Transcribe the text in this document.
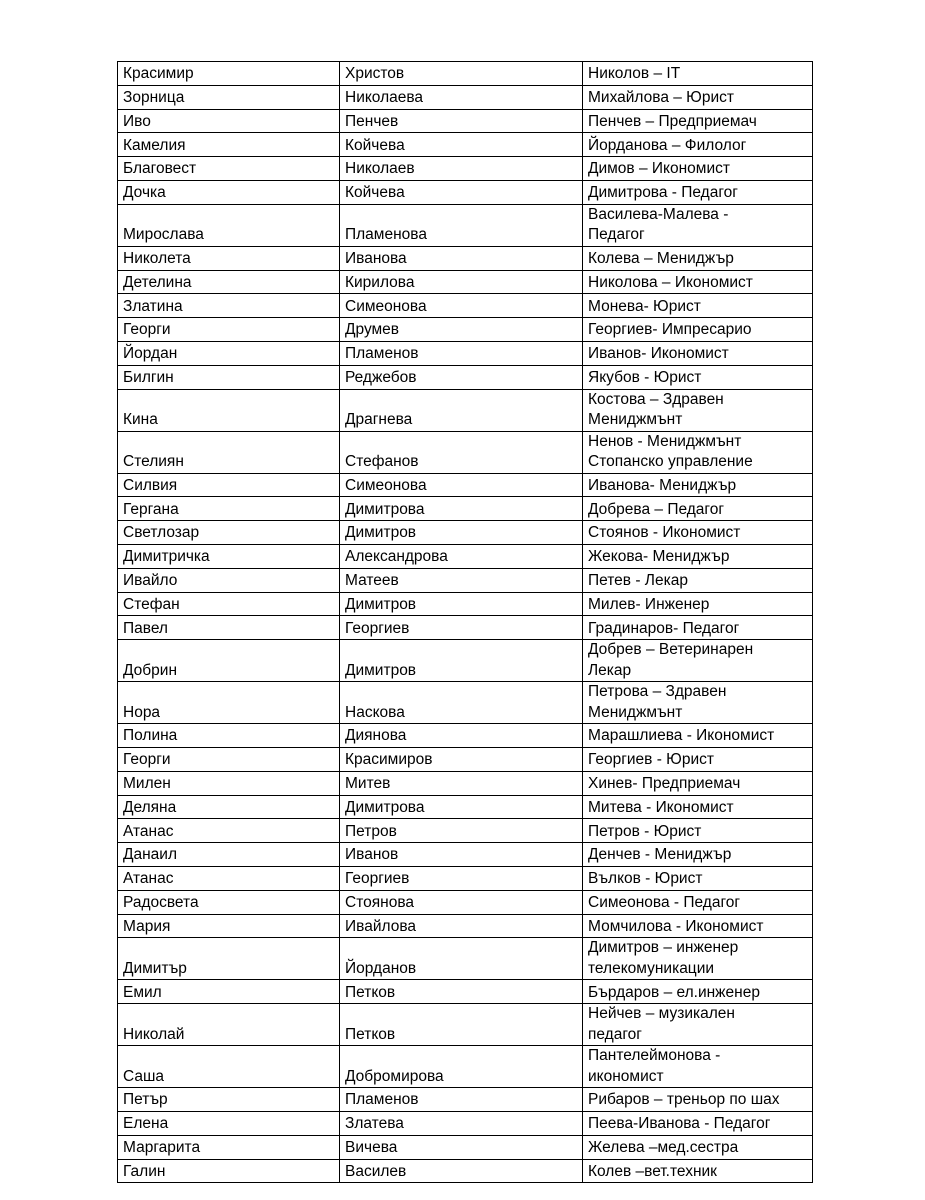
Красимир	Христов	Николов – IT
Зорница	Николаева	Михайлова – Юрист
Иво	Пенчев	Пенчев – Предприемач
Камелия	Койчева	Йорданова – Филолог
Благовест	Николаев	Димов – Икономист
Дочка	Койчева	Димитрова - Педагог
Мирослава	Пламенова	Василева-Малева -
Педагог
Николета	Иванова	Колева – Мениджър
Детелина	Кирилова	Николова – Икономист
Златина	Симеонова	Монева- Юрист
Георги	Друмев	Георгиев- Импресарио
Йордан	Пламенов	Иванов- Икономист
Билгин	Реджебов	Якубов - Юрист
Кина	Драгнева	Костова – Здравен
Мениджмънт
Стелиян	Стефанов	Ненов - Мениджмънт
Стопанско управление
Силвия	Симеонова	Иванова- Мениджър
Гергана	Димитрова	Добрева – Педагог
Светлозар	Димитров	Стоянов - Икономист
Димитричка	Александрова	Жекова- Мениджър
Ивайло	Матеев	Петев - Лекар
Стефан	Димитров	Милев- Инженер
Павел	Георгиев	Градинаров- Педагог
Добрин	Димитров	Добрев – Ветеринарен
Лекар
Нора	Наскова	Петрова – Здравен
Мениджмънт
Полина	Диянова	Марашлиева - Икономист
Георги	Красимиров	Георгиев - Юрист
Милен	Митев	Хинев- Предприемач
Деляна	Димитрова	Митева - Икономист
Атанас	Петров	Петров - Юрист
Данаил	Иванов	Денчев - Мениджър
Атанас	Георгиев	Вълков - Юрист
Радосвета	Стоянова	Симеонова - Педагог
Мария	Ивайлова	Момчилова - Икономист
Димитър	Йорданов	Димитров – инженер
телекомуникации
Емил	Петков	Бърдаров – ел.инженер
Николай	Петков	Нейчев – музикален
педагог
Саша	Добромирова	Пантелеймонова -
икономист
Петър	Пламенов	Рибаров – треньор по шах
Елена	Златева	Пеева-Иванова - Педагог
Маргарита	Вичева	Желева –мед.сестра
Галин	Василев	Колев –вет.техник
